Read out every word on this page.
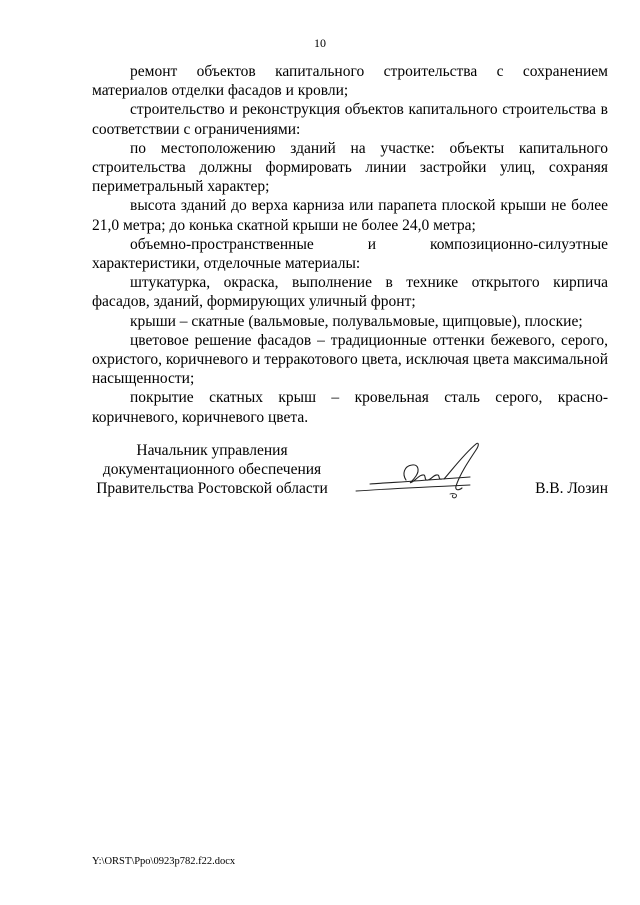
10

ремонт объектов капитального строительства с сохранением материалов отделки фасадов и кровли;

строительство и реконструкция объектов капитального строительства в соответствии с ограничениями:

по местоположению зданий на участке: объекты капитального строительства должны формировать линии застройки улиц, сохраняя периметральный характер;

высота зданий до верха карниза или парапета плоской крыши не более 21,0 метра; до конька скатной крыши не более 24,0 метра;

объемно-пространственные и композиционно-силуэтные характеристики, отделочные материалы:

штукатурка, окраска, выполнение в технике открытого кирпича фасадов, зданий, формирующих уличный фронт;

крыши – скатные (вальмовые, полувальмовые, щипцовые), плоские;

цветовое решение фасадов – традиционные оттенки бежевого, серого, охристого, коричневого и терракотового цвета, исключая цвета максимальной насыщенности;

покрытие скатных крыш – кровельная сталь серого, красно-коричневого, коричневого цвета.

Начальник управления
документационного обеспечения
Правительства Ростовской области	В.В. Лозин
Y:\ORST\Ppo\0923p782.f22.docx
